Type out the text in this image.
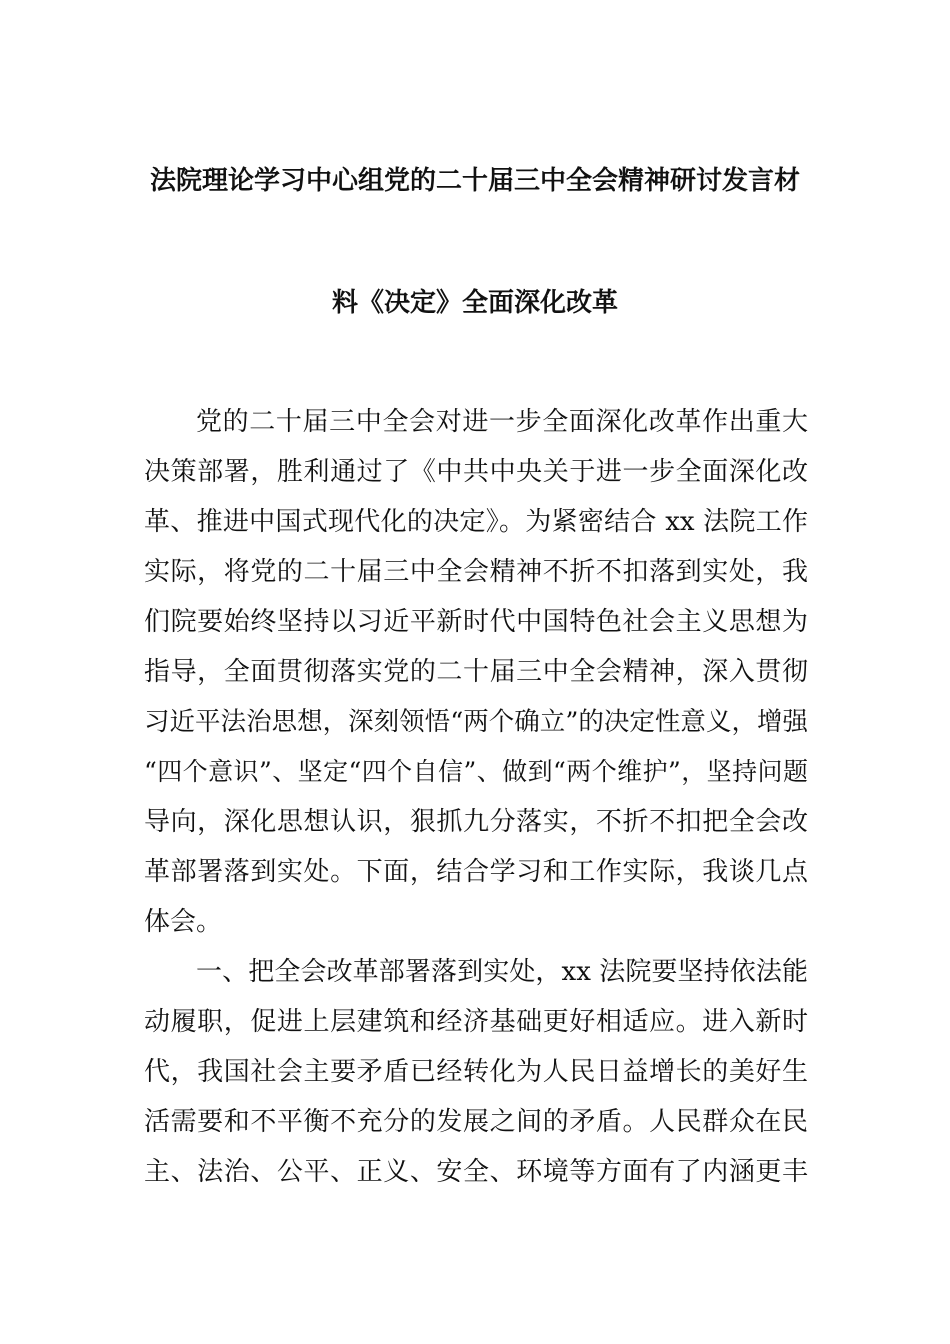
法院理论学习中心组党的二十届三中全会精神研讨发言材
料《决定》全面深化改革
党的二十届三中全会对进一步全面深化改革作出重大
决策部署，胜利通过了《中共中央关于进一步全面深化改
革、推进中国式现代化的决定》。为紧密结合 xx 法院工作
实际，将党的二十届三中全会精神不折不扣落到实处，我
们院要始终坚持以习近平新时代中国特色社会主义思想为
指导，全面贯彻落实党的二十届三中全会精神，深入贯彻
习近平法治思想，深刻领悟“两个确立”的决定性意义，增强
“四个意识”、坚定“四个自信”、做到“两个维护”，坚持问题
导向，深化思想认识，狠抓九分落实，不折不扣把全会改
革部署落到实处。下面，结合学习和工作实际，我谈几点
体会。
一、把全会改革部署落到实处，xx 法院要坚持依法能
动履职，促进上层建筑和经济基础更好相适应。进入新时
代，我国社会主要矛盾已经转化为人民日益增长的美好生
活需要和不平衡不充分的发展之间的矛盾。人民群众在民
主、法治、公平、正义、安全、环境等方面有了内涵更丰
